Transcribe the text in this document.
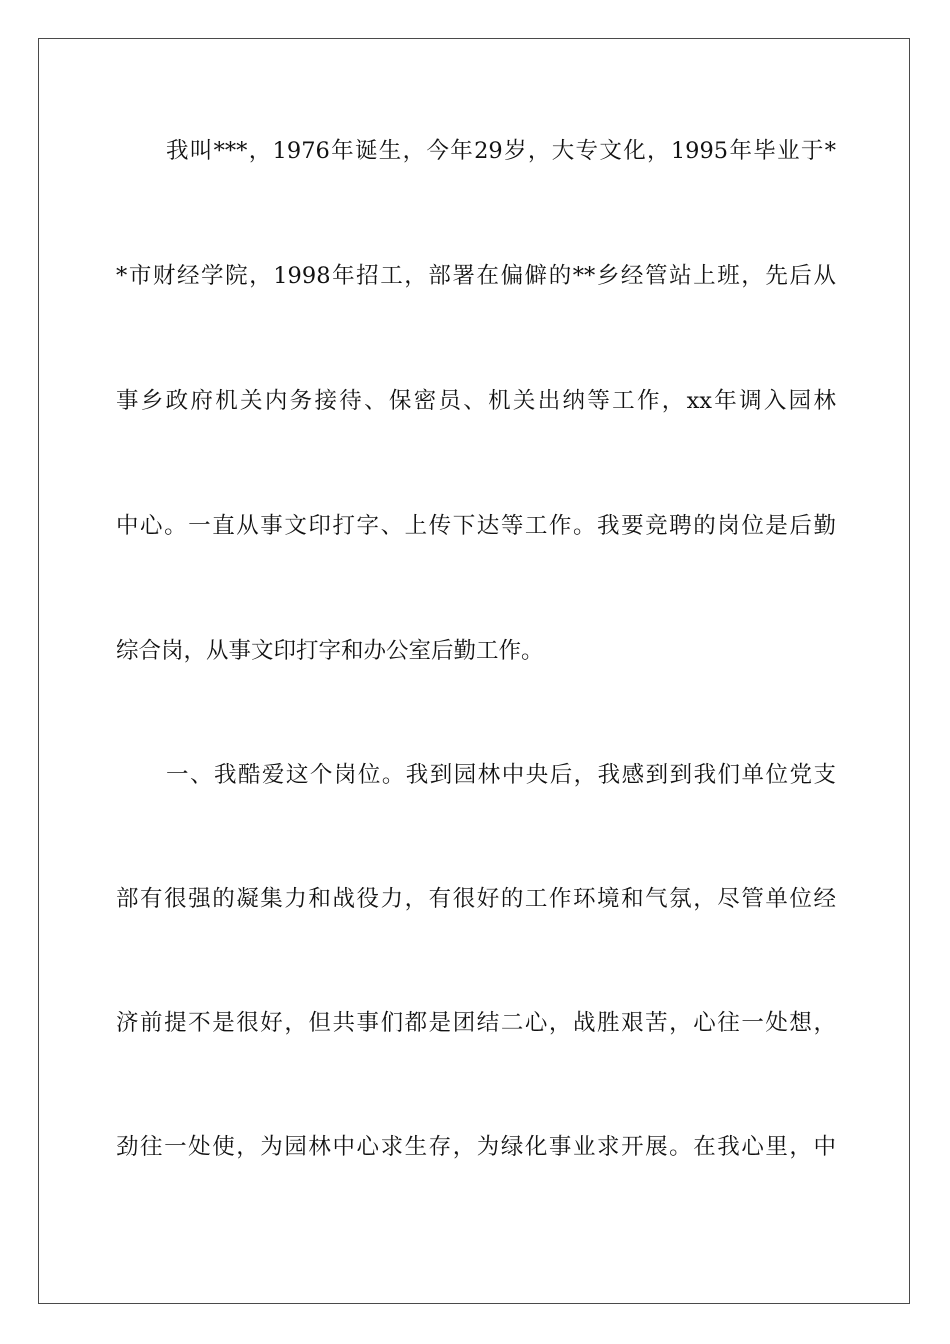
我叫***，1976年诞生，今年29岁，大专文化，1995年毕业于*
*市财经学院，1998年招工，部署在偏僻的**乡经管站上班，先后从
事乡政府机关内务接待、保密员、机关出纳等工作，xx年调入园林
中心。一直从事文印打字、上传下达等工作。我要竞聘的岗位是后勤
综合岗，从事文印打字和办公室后勤工作。
一、我酷爱这个岗位。我到园林中央后，我感到到我们单位党支
部有很强的凝集力和战役力，有很好的工作环境和气氛，尽管单位经
济前提不是很好，但共事们都是团结二心，战胜艰苦，心往一处想，
劲往一处使，为园林中心求生存，为绿化事业求开展。在我心里，中
